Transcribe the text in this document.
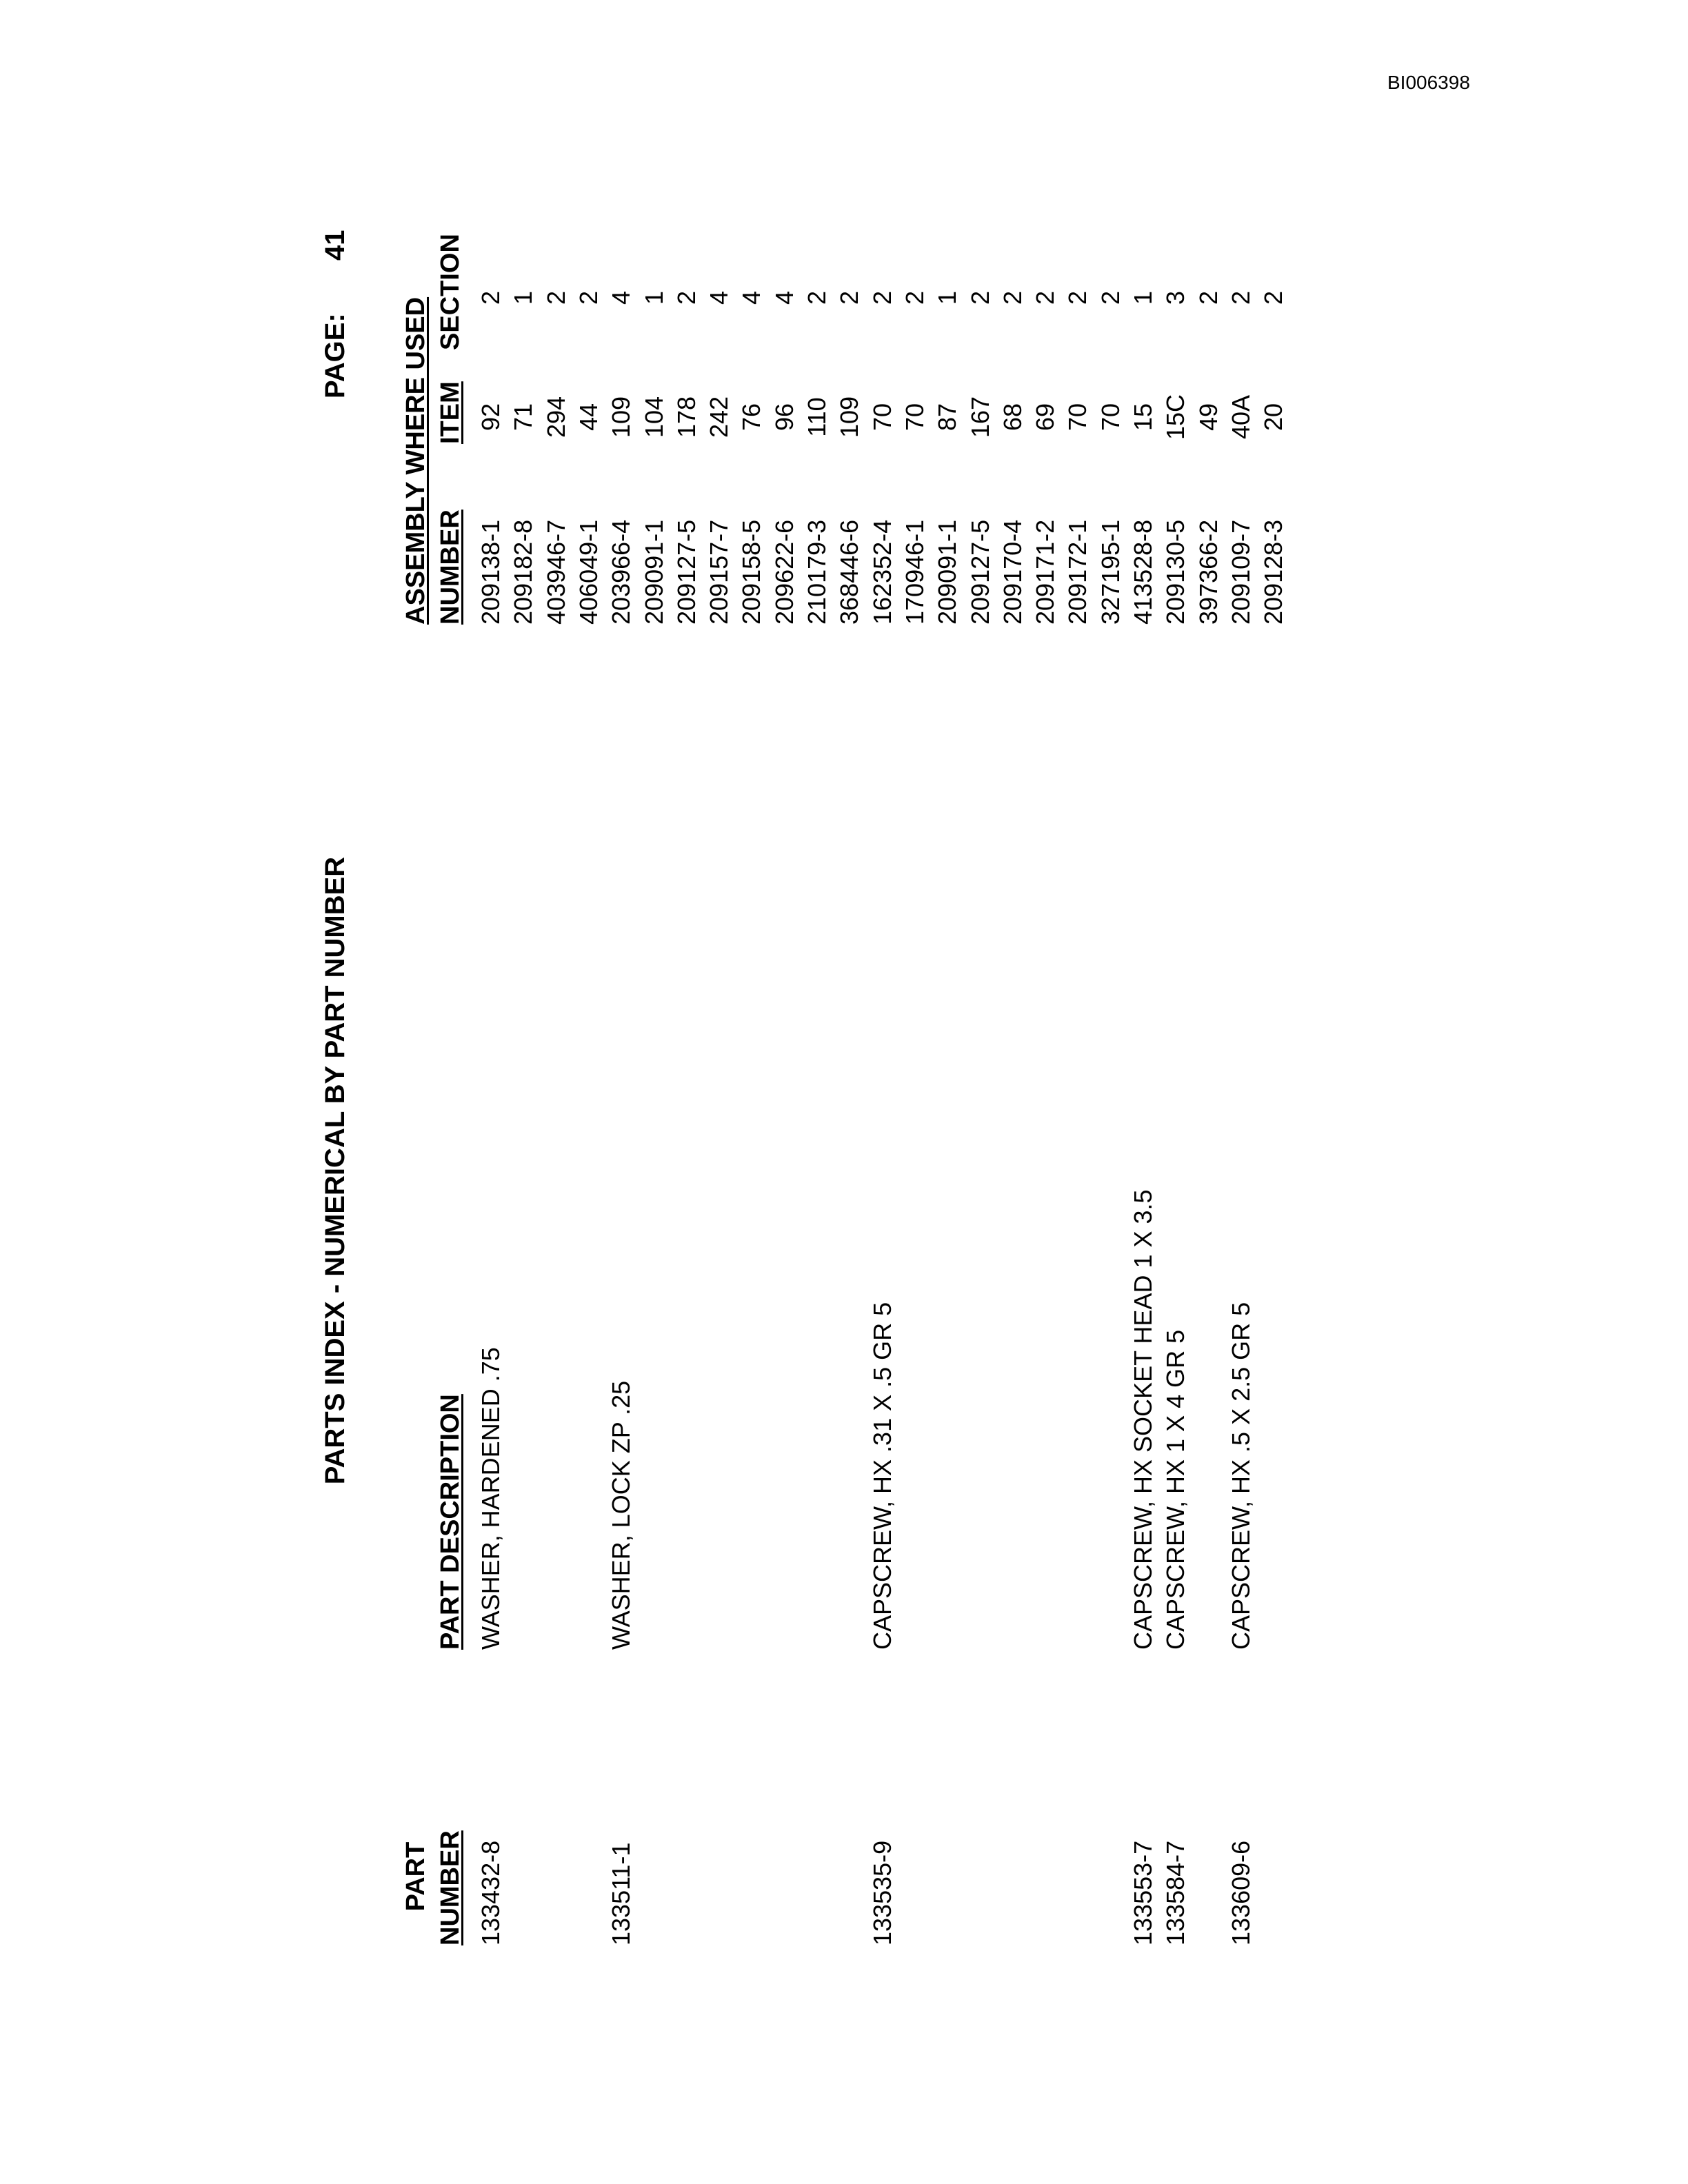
BI006398
PARTS INDEX - NUMERICAL BY PART NUMBER
PAGE:
41
PART NUMBER
PART DESCRIPTION
ASSEMBLY WHERE USED NUMBER
ITEM
SECTION
133432-8
WASHER, HARDENED .75
133511-1
WASHER, LOCK ZP .25
133535-9
CAPSCREW, HX .31 X .5 GR 5
133553-7
CAPSCREW, HX SOCKET HEAD 1 X 3.5
133584-7
CAPSCREW, HX 1 X 4 GR 5
133609-6
CAPSCREW, HX .5 X 2.5 GR 5
209138-1
92
2
209182-8
71
1
403946-7
294
2
406049-1
44
2
203966-4
109
4
209091-1
104
1
209127-5
178
2
209157-7
242
4
209158-5
76
4
209622-6
96
4
210179-3
110
2
368446-6
109
2
162352-4
70
2
170946-1
70
2
209091-1
87
1
209127-5
167
2
209170-4
68
2
209171-2
69
2
209172-1
70
2
327195-1
70
2
413528-8
15
1
209130-5
15C
3
397366-2
49
2
209109-7
40A
2
209128-3
20
2
